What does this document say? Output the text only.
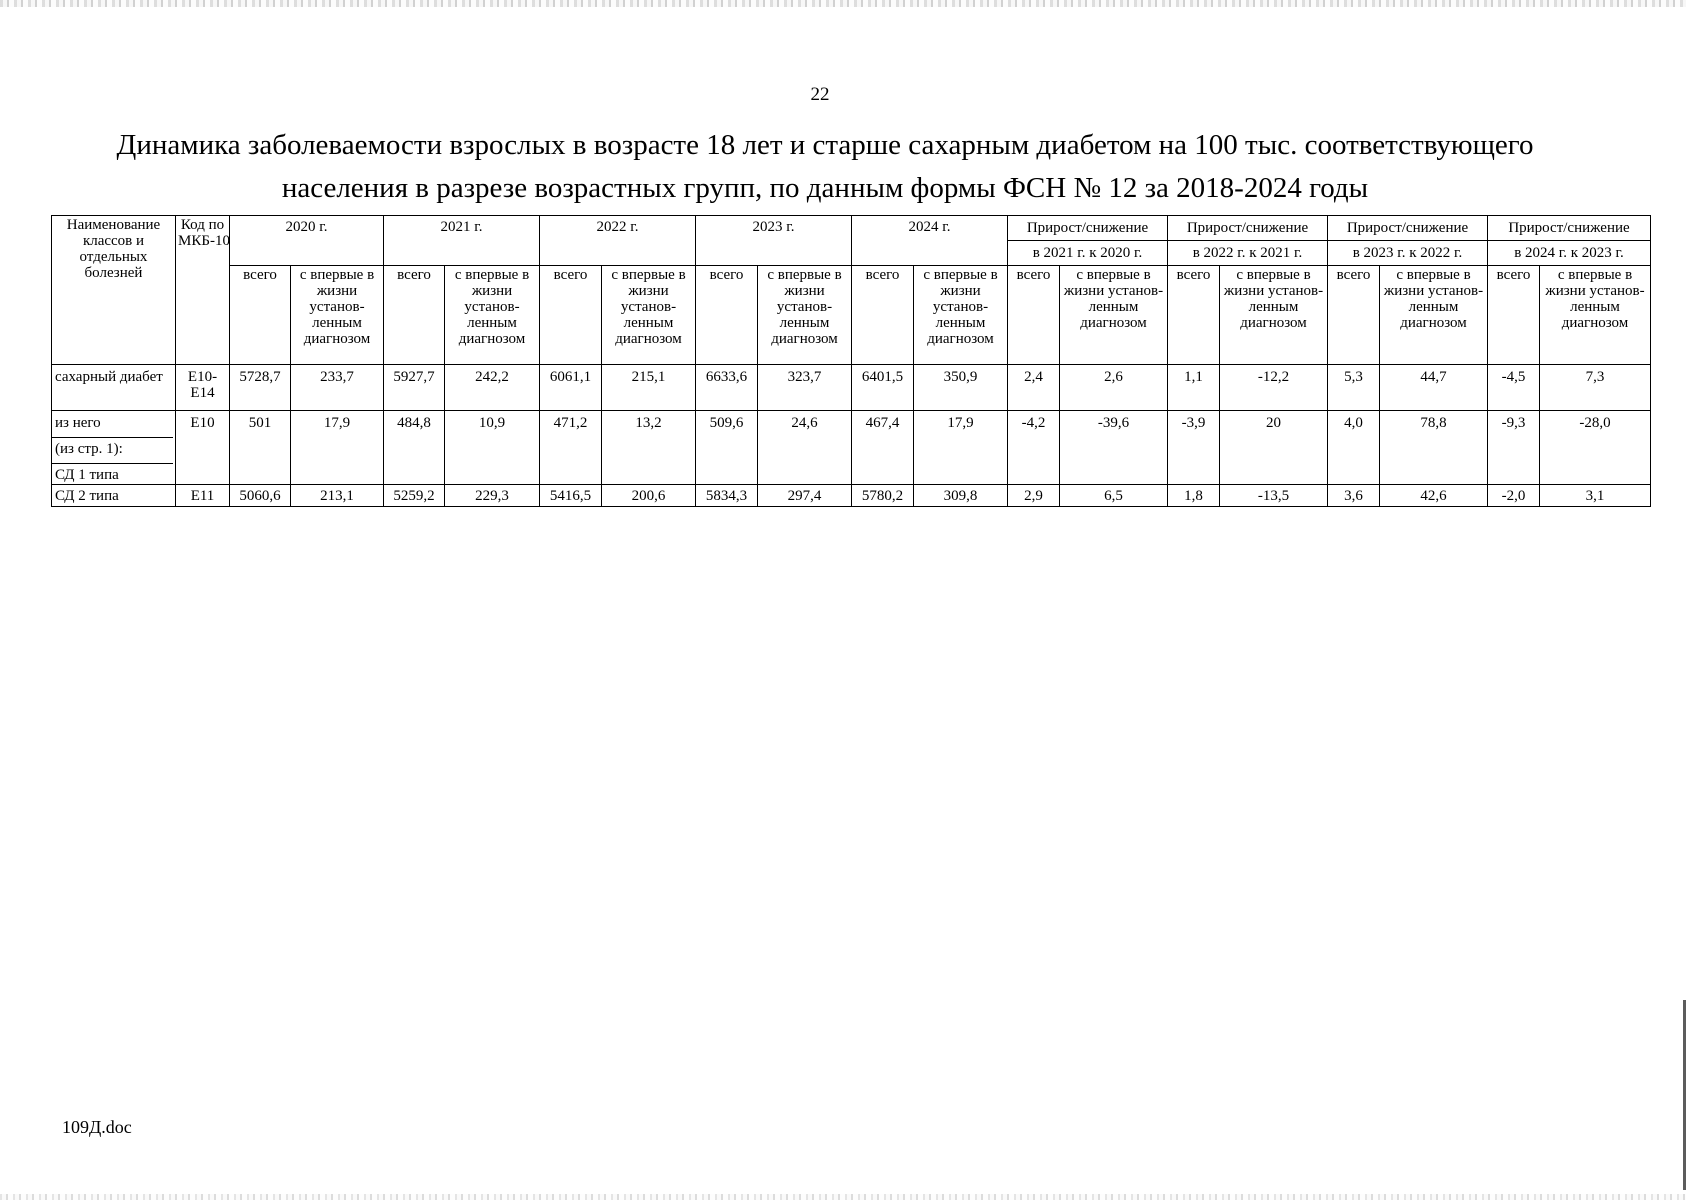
22
Динамика заболеваемости взрослых в возрасте 18 лет и старше сахарным диабетом на 100 тыс. соответствующего
населения в разрезе возрастных групп, по данным формы ФСН № 12 за 2018-2024 годы
Наименование классов и отдельных болезней	Код по МКБ-10	2020 г.		2021 г.		2022 г.		2023 г.		2024 г.		Прирост/снижение		Прирост/снижение		Прирост/снижение		Прирост/снижение	
												в 2021 г. к 2020 г.		в 2022 г. к 2021 г.		в 2023 г. к 2022 г.		в 2024 г. к 2023 г.	
		всего	с впервые в жизни установ-ленным диагнозом	всего	с впервые в жизни установ-ленным диагнозом	всего	с впервые в жизни установ-ленным диагнозом	всего	с впервые в жизни установ-ленным диагнозом	всего	с впервые в жизни установ-ленным диагнозом	всего	с впервые в жизни установ-ленным диагнозом	всего	с впервые в жизни установ-ленным диагнозом	всего	с впервые в жизни установ-ленным диагнозом	всего	с впервые в жизни установ-ленным диагнозом
сахарный диабет	E10-E14	5728,7	233,7	5927,7	242,2	6061,1	215,1	6633,6	323,7	6401,5	350,9	2,4	2,6	1,1	-12,2	5,3	44,7	-4,5	7,3
из него
(из стр. 1):
СД 1 типа	E10	501	17,9	484,8	10,9	471,2	13,2	509,6	24,6	467,4	17,9	-4,2	-39,6	-3,9	20	4,0	78,8	-9,3	-28,0
СД 2 типа	E11	5060,6	213,1	5259,2	229,3	5416,5	200,6	5834,3	297,4	5780,2	309,8	2,9	6,5	1,8	-13,5	3,6	42,6	-2,0	3,1
109Д.doc
